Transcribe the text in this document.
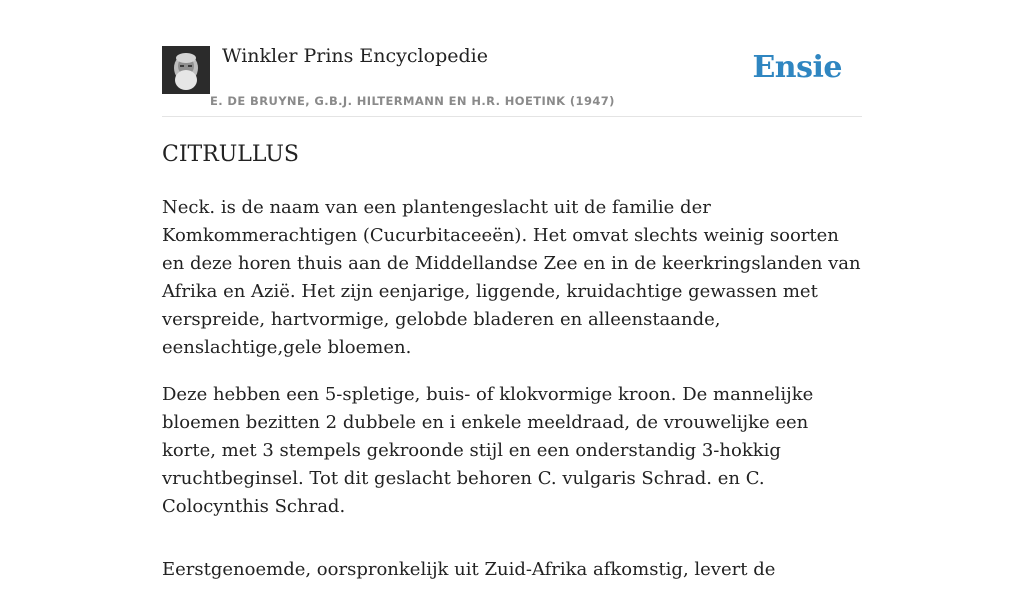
Winkler Prins Encyclopedie
E. DE BRUYNE, G.B.J. HILTERMANN EN H.R. HOETINK (1947)
Ensie
CITRULLUS

Neck. is de naam van een plantengeslacht uit de familie der Komkommerachtigen (Cucurbitaceeën). Het omvat slechts weinig soorten en deze horen thuis aan de Middellandse Zee en in de keerkringslanden van Afrika en Azië. Het zijn eenjarige, liggende, kruidachtige gewassen met verspreide, hartvormige, gelobde bladeren en alleenstaande, eenslachtige,gele bloemen.

Deze hebben een 5-spletige, buis- of klokvormige kroon. De mannelijke bloemen bezitten 2 dubbele en i enkele meeldraad, de vrouwelijke een korte, met 3 stempels gekroonde stijl en een onderstandig 3-hokkig vruchtbeginsel. Tot dit geslacht behoren C. vulgaris Schrad. en C. Colocynthis Schrad.

Eerstgenoemde, oorspronkelijk uit Zuid-Afrika afkomstig, levert de
